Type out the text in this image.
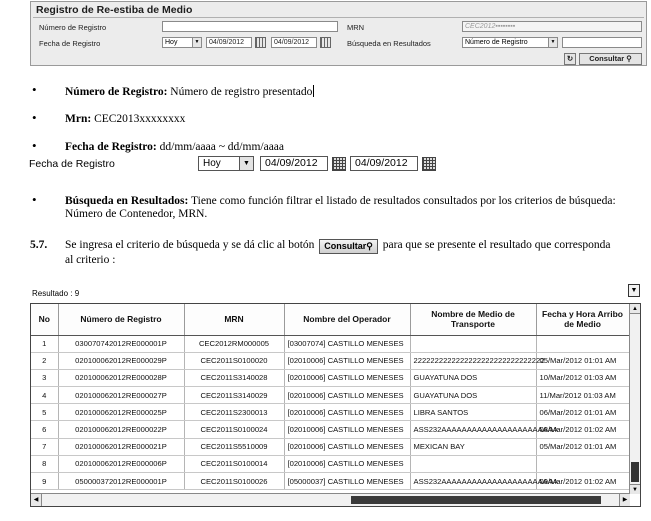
Registro de Re-estiba de Medio
Número de Registro
Fecha de Registro	Hoy	▼	04/09/2012	04/09/2012
MRN	CEC2012▪▪▪▪▪▪▪▪
Búsqueda en Resultados	Número de Registro	▼
↻	Consultar ⚲
• Número de Registro: Número de registro presentado
• Mrn: CEC2013xxxxxxxx
• Fecha de Registro: dd/mm/aaaa ~ dd/mm/aaaa
Fecha de Registro	Hoy	▼	04/09/2012	04/09/2012
• Búsqueda en Resultados: Tiene como función filtrar el listado de resultados consultados por los criterios de búsqueda:
Número de Contenedor, MRN.
5.7. Se ingresa el criterio de búsqueda y se dá clic al botón Consultar⚲ para que se presente el resultado que corresponda
al criterio :
Resultado : 9	▼
No	Número de Registro	MRN	Nombre del Operador	Nombre de Medio de Transporte	Fecha y Hora Arribo de Medio
1	030070742012RE000001P	CEC2012RM000005	[03007074] CASTILLO MENESES		
2	020100062012RE000029P	CEC2011S0100020	[02010006] CASTILLO MENESES	2222222222222222222222222222222	05/Mar/2012 01:01 AM
3	020100062012RE000028P	CEC2011S3140028	[02010006] CASTILLO MENESES	GUAYATUNA DOS	10/Mar/2012 01:03 AM
4	020100062012RE000027P	CEC2011S3140029	[02010006] CASTILLO MENESES	GUAYATUNA DOS	11/Mar/2012 01:03 AM
5	020100062012RE000025P	CEC2011S2300013	[02010006] CASTILLO MENESES	LIBRA SANTOS	06/Mar/2012 01:01 AM
6	020100062012RE000022P	CEC2011S0100024	[02010006] CASTILLO MENESES	ASS232AAAAAAAAAAAAAAAAAAAAAAA	08/Mar/2012 01:02 AM
7	020100062012RE000021P	CEC2011S5510009	[02010006] CASTILLO MENESES	MEXICAN BAY	05/Mar/2012 01:01 AM
8	020100062012RE000006P	CEC2011S0100014	[02010006] CASTILLO MENESES		
9	050000372012RE000001P	CEC2011S0100026	[05000037] CASTILLO MENESES	ASS232AAAAAAAAAAAAAAAAAAAAAAA	09/Mar/2012 01:02 AM
▲
▼
◀	▶
